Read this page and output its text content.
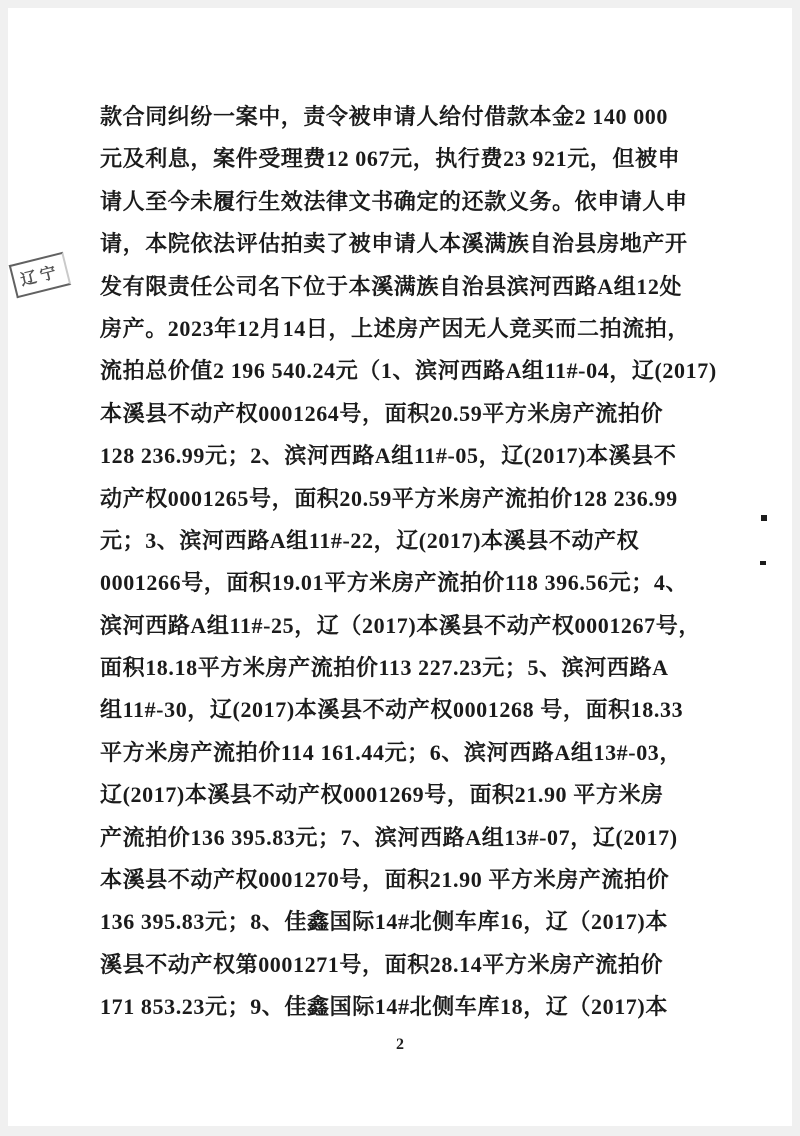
款合同纠纷一案中，责令被申请人给付借款本金2 140 000
元及利息，案件受理费12 067元，执行费23 921元，但被申
请人至今未履行生效法律文书确定的还款义务。依申请人申
请，本院依法评估拍卖了被申请人本溪满族自治县房地产开
发有限责任公司名下位于本溪满族自治县滨河西路A组12处
房产。2023年12月14日，上述房产因无人竞买而二拍流拍，
流拍总价值2 196 540.24元（1、滨河西路A组11#-04，辽(2017)
本溪县不动产权0001264号，面积20.59平方米房产流拍价
128 236.99元；2、滨河西路A组11#-05，辽(2017)本溪县不
动产权0001265号，面积20.59平方米房产流拍价128 236.99
元；3、滨河西路A组11#-22，辽(2017)本溪县不动产权
0001266号，面积19.01平方米房产流拍价118 396.56元；4、
滨河西路A组11#-25，辽（2017)本溪县不动产权0001267号，
面积18.18平方米房产流拍价113 227.23元；5、滨河西路A
组11#-30，辽(2017)本溪县不动产权0001268 号，面积18.33
平方米房产流拍价114 161.44元；6、滨河西路A组13#-03，
辽(2017)本溪县不动产权0001269号，面积21.90 平方米房
产流拍价136 395.83元；7、滨河西路A组13#-07，辽(2017)
本溪县不动产权0001270号，面积21.90 平方米房产流拍价
136 395.83元；8、佳鑫国际14#北侧车库16，辽（2017)本
溪县不动产权第0001271号，面积28.14平方米房产流拍价
171 853.23元；9、佳鑫国际14#北侧车库18，辽（2017)本
2
辽宁
